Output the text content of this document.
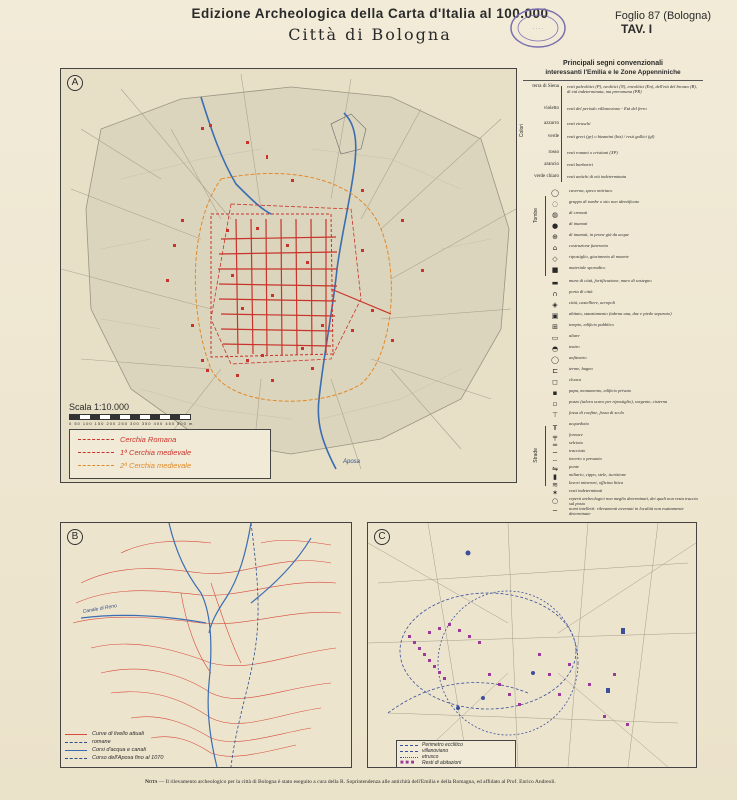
Edizione Archeologica della Carta d'Italia al 100.000
Città di Bologna	· · · ·
Foglio 87 (Bologna)
TAV. I
Aposa
A
Scala 1:10.000
0 50 100 150 200 250 300 350 400 450 500 m
Cerchia Romana
1ª Cerchia medievale
2ª Cerchia medievale
Canale di Reno
B
Curve di livello attuali
romane
Corsi d'acqua e canali
Corso dell'Aposa fino al 1070
C
Perimetro ecclitico
villanoviano
etrusco
■ ■ ■	Resti di abitazioni
Principali segni convenzionali
interessanti l'Emilia e le Zone Appenniniche
Colori
terra di Siena resti paleolitici (P), neolitici (N), eneolitici (En), dell'età del bronzo (B), di età indeterminata, ma preromana (PR)
violetto resti del periodo villanoviano - Età del ferro
azzurro resti etruschi
verde resti greci (gr) o bizantini (biz) / resti gallici (gl)
rosso resti romani o cristiani (XP)
arancio resti barbarici
verde chiaro resti antichi di età indeterminata
Tombe
Strade
◯	caverna, speco mitriaco
◌	gruppo di tombe o sito non identificato
◍	di cremati
●	di inumati
⊕	di inumati, in prone già da acque
⌂	costruzione funeraria
◇	ripostiglio, giacimento di monete
■	materiale sporadico
▬	mura di città, fortificazione, muro di sostegno
∩	porta di città
◈	città, castelliere, acropoli
▣	abitato, stanziamento (tabrna una, due e piedo separato)
⊞	tempio, edificio pubblico
▭	altare
◓	teatro
◯	anfiteatro
⊏	terme, bagno
◻	cloaca
▪	papa, monumento, edificio privato
▫	pozzo (talora scavo per ripostiglio), sorgente, cisterna
⊤	fossa di confine, fossa di scolo
╥	acquedotto
╤	fornace
═	selciato
─	tracciato
┄	incerto o presunto
⇋	ponte
▮	miliario, cippo, stele, iscrizione
≋	lavori minerari, officina litica
✶	resti indeterminati
○	reperti archeologici non meglio determinati, dei quali non resta traccia sul posto
─	nomi intelletti: rilevamenti avvenuti in località non esattamente determinate
Nota — Il rilevamento archeologico per la città di Bologna è stato eseguito a cura della R. Soprintendenza alle antichità dell'Emilia e della Romagna, ed affidato al Prof. Enrico Andreoli.
